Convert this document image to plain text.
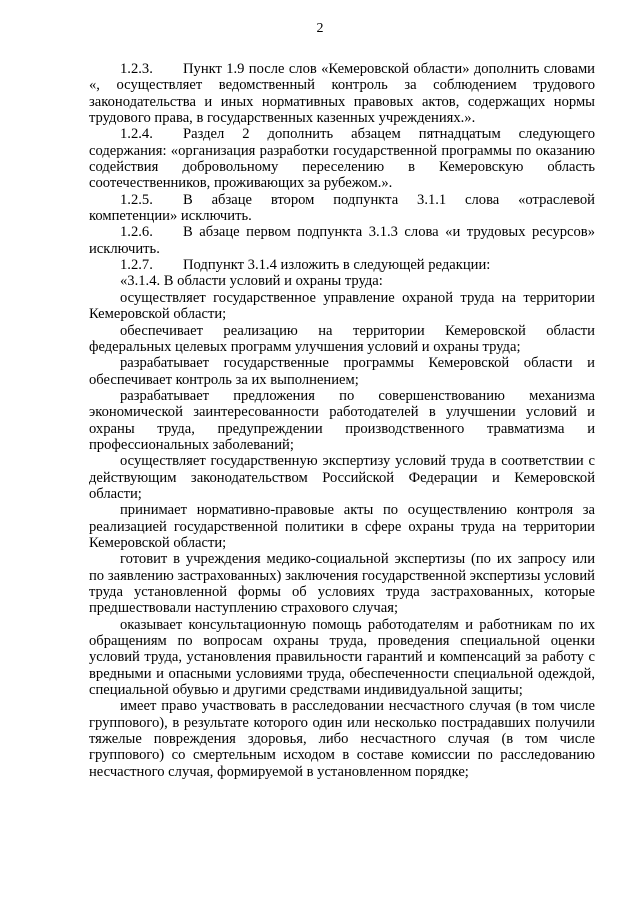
2

1.2.3. Пункт 1.9 после слов «Кемеровской области» дополнить словами «, осуществляет ведомственный контроль за соблюдением трудового законодательства и иных нормативных правовых актов, содержащих нормы трудового права, в государственных казенных учреждениях.».

1.2.4. Раздел 2 дополнить абзацем пятнадцатым следующего содержания: «организация разработки государственной программы по оказанию содействия добровольному переселению в Кемеровскую область соотечественников, проживающих за рубежом.».

1.2.5. В абзаце втором подпункта 3.1.1 слова «отраслевой компетенции» исключить.

1.2.6. В абзаце первом подпункта 3.1.3 слова «и трудовых ресурсов» исключить.

1.2.7. Подпункт 3.1.4 изложить в следующей редакции:

«3.1.4. В области условий и охраны труда:

осуществляет государственное управление охраной труда на территории Кемеровской области;

обеспечивает реализацию на территории Кемеровской области федеральных целевых программ улучшения условий и охраны труда;

разрабатывает государственные программы Кемеровской области и обеспечивает контроль за их выполнением;

разрабатывает предложения по совершенствованию механизма экономической заинтересованности работодателей в улучшении условий и охраны труда, предупреждении производственного травматизма и профессиональных заболеваний;

осуществляет государственную экспертизу условий труда в соответствии с действующим законодательством Российской Федерации и Кемеровской области;

принимает нормативно-правовые акты по осуществлению контроля за реализацией государственной политики в сфере охраны труда на территории Кемеровской области;

готовит в учреждения медико-социальной экспертизы (по их запросу или по заявлению застрахованных) заключения государственной экспертизы условий труда установленной формы об условиях труда застрахованных, которые предшествовали наступлению страхового случая;

оказывает консультационную помощь работодателям и работникам по их обращениям по вопросам охраны труда, проведения специальной оценки условий труда, установления правильности гарантий и компенсаций за работу с вредными и опасными условиями труда, обеспеченности специальной одеждой, специальной обувью и другими средствами индивидуальной защиты;

имеет право участвовать в расследовании несчастного случая (в том числе группового), в результате которого один или несколько пострадавших получили тяжелые повреждения здоровья, либо несчастного случая (в том числе группового) со смертельным исходом в составе комиссии по расследованию несчастного случая, формируемой в установленном порядке;
